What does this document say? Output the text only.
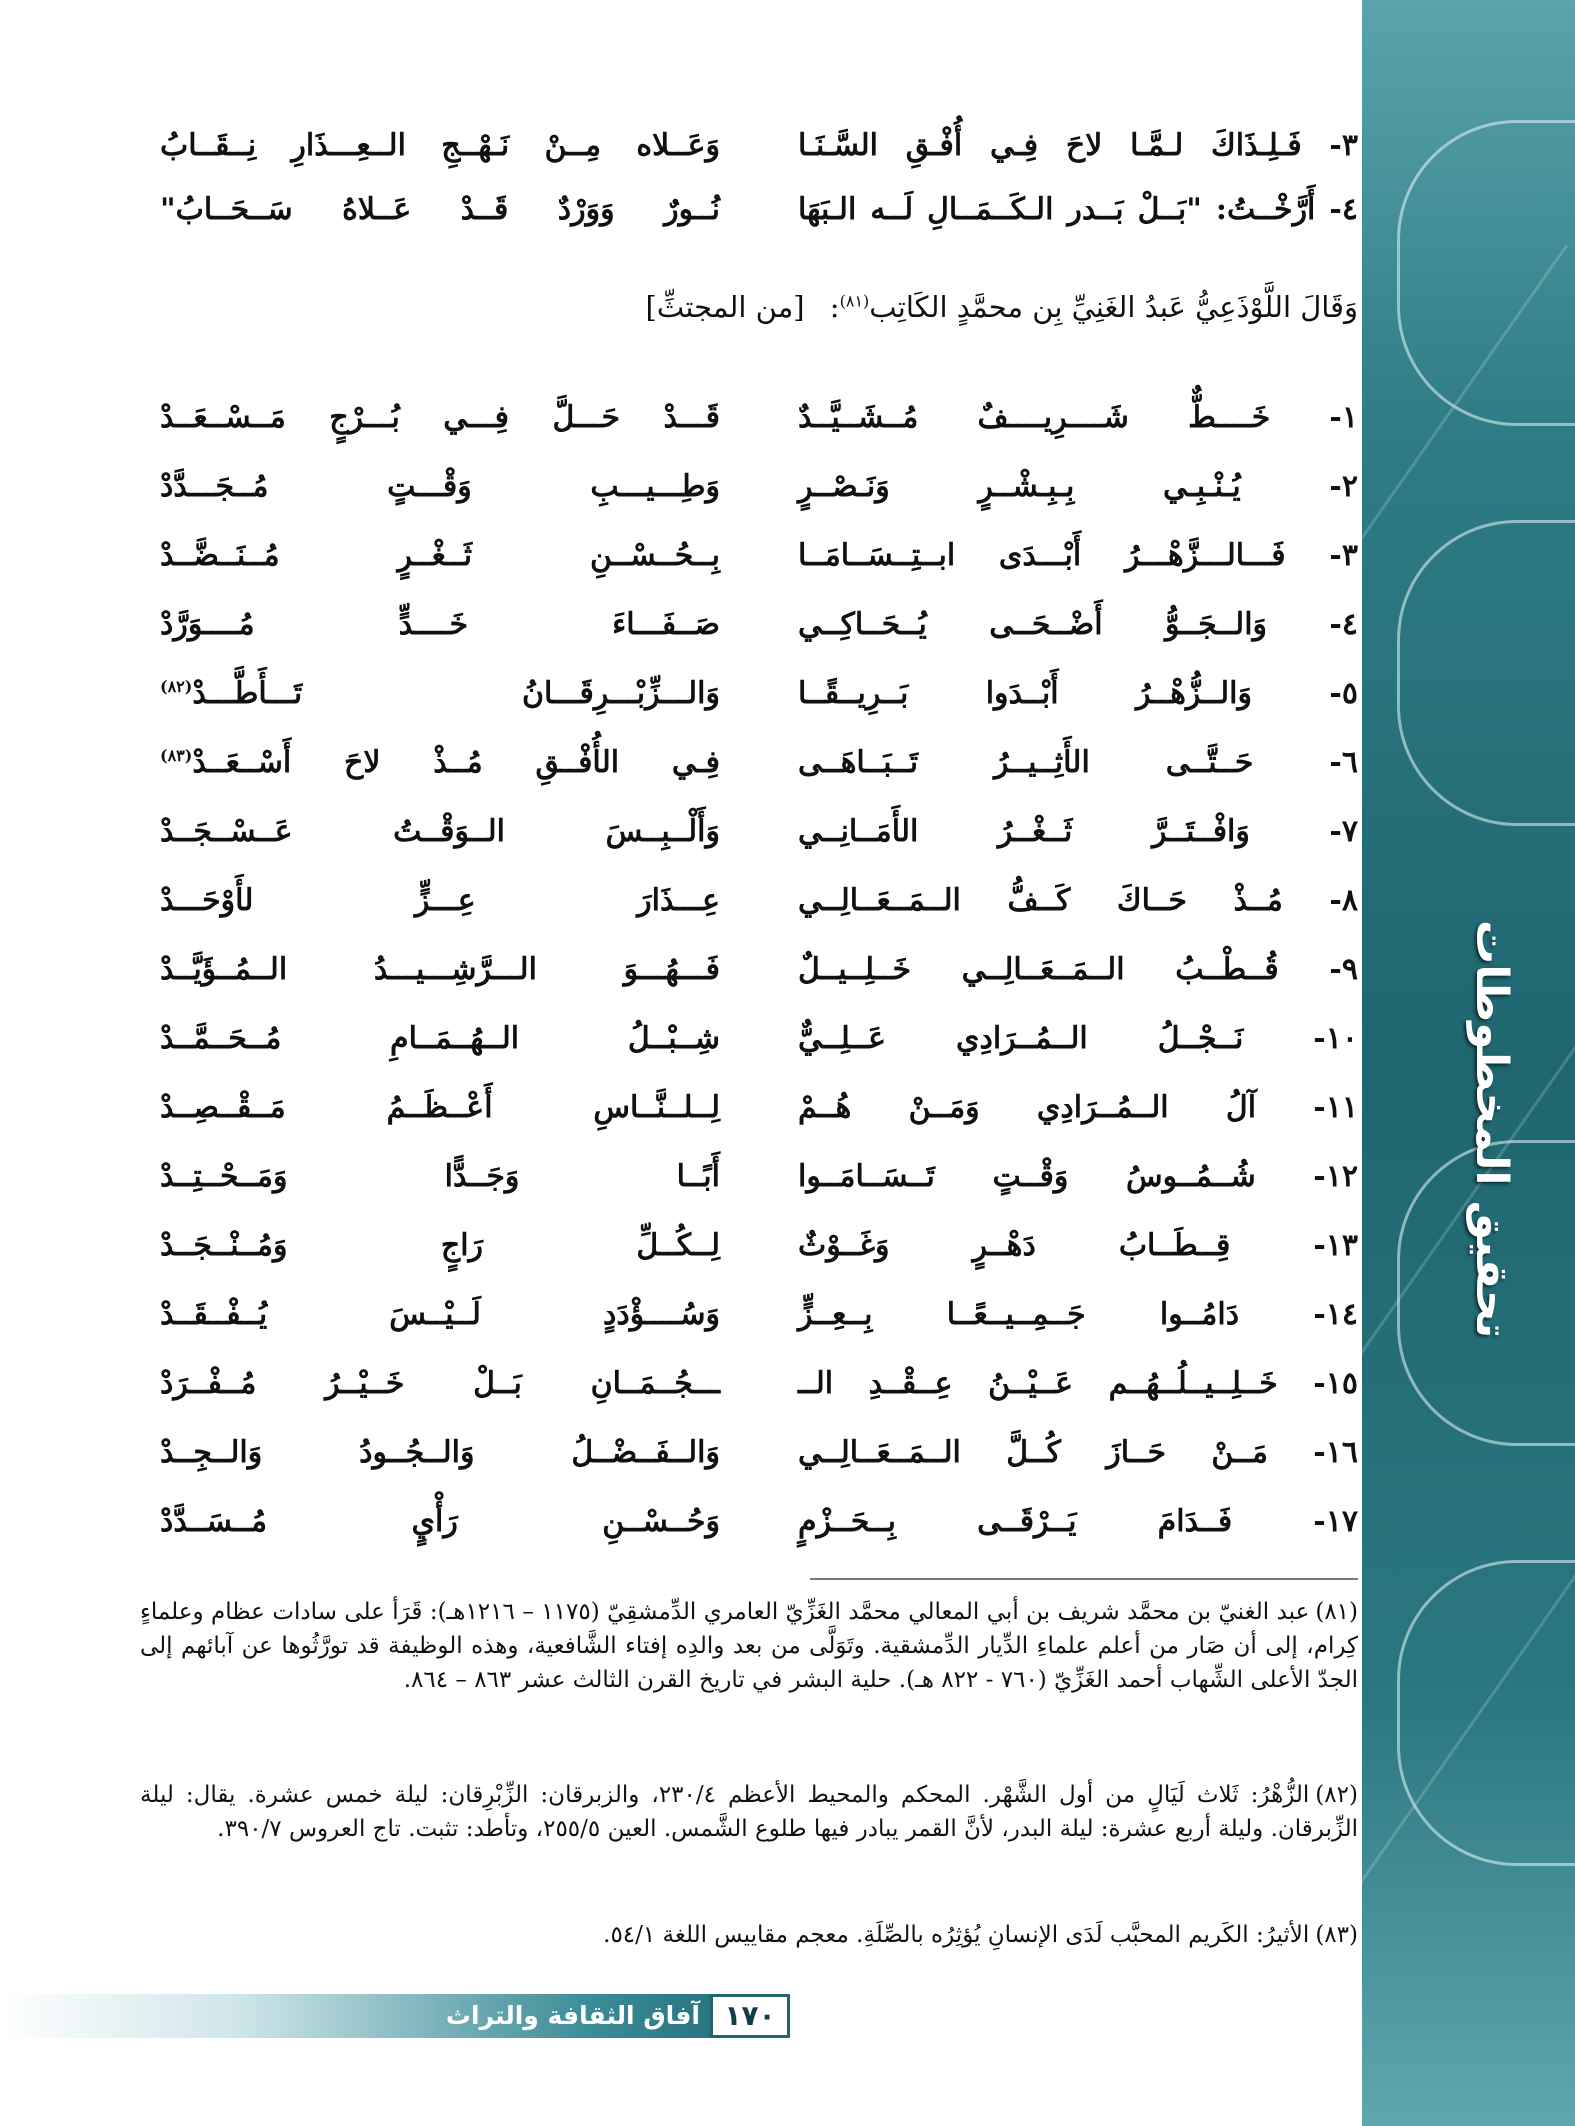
تحقيق المخطوطات
٣- فَـلِـذَاكَ لـمَّـا لاحَ فِـي أُفْـقِ السَّـنَـا
وَعَــلاه مِــنْ نَـهْــجِ الــعِـــذَارِ نِــقَــابُ
٤- أَرَّخْــتُ: "بَــلْ بَــدر الـكَــمَــالِ لَــه الـبَهَا
نُــورٌ وَوَرْدٌ قَــدْ عَــلاهُ سَــحَــابُ"
وَقَالَ اللَّوْذَعِيُّ عَبدُ الغَنِيِّ بِن محمَّدٍ الكَاتِب$^{(٨١)}$: [من المجتثِّ]
١- خَــــطٌّ شَــــرِيــــفٌ مُــشَــيَّــدٌ
قَـــدْ حَـــلَّ فِـــي بُـــرْجٍ مَــسْــعَــدْ
٢- يُـنْـبِـي بِـبِـشْــرٍ وَنَـصْــرٍ
وَطِـــيـــبِ وَقْـــتٍ مُــجَـــدَّدْ
٣- فَـــالـــزَّهْـــرُ أَبْـــدَى ابــتِــسَــامَــا
بِــحُــسْــنِ ثَــغْــرٍ مُــنَــضَّــدْ
٤- وَالــجَــوُّ أَضْــحَــى يُــحَــاكِــي
صَــفَـــاءَ خَــــدٍّ مُــــوَرَّدْ
٥- وَالــزُّهْــرُ أَبْــدَوا بَــرِيــقًــا
وَالـــزِّبْـــرِقَـــانُ تَـــأَطَّـــدْ$^{(٨٢)}$
٦- حَــتَّــى الأَثِــيــرُ تَــبَــاهَــى
فِـي الأُفْــقِ مُــذْ لاحَ أَسْــعَــدْ$^{(٨٣)}$
٧- وَافْــتَــرَّ ثَــغْــرُ الأَمَــانِــي
وَأَلْــبِــسَ الــوَقْــتُ عَــسْــجَــدْ
٨- مُــذْ حَــاكَ كَــفُّ الــمَــعَــالِــي
عِـــذَارَ عِـــزٍّ لأَوْحَـــدْ
٩- قُــطْــبُ الــمَــعَــالِــي خَــلِــيــلٌ
فَـــهُـــوَ الـــرَّشِـــيـــدُ الــمُــؤَيَّــدْ
١٠- نَــجْــلُ الــمُــرَادِي عَــلِــيٌّ
شِــبْــلُ الــهُــمَــامِ مُــحَــمَّــدْ
١١- آلُ الــمُــرَادِي وَمَــنْ هُــمْ
لِــلــنَّــاسِ أَعْــظَــمُ مَــقْــصِــدْ
١٢- شُــمُــوسُ وَقْــتٍ تَــسَــامَــوا
أَبًــا وَجَــدًّا وَمَــحْــتِــدْ
١٣- قِــطَــابُ دَهْــرٍ وَغَــوْثٌ
لِــكُــلِّ رَاجٍ وَمُــنْــجَــدْ
١٤- دَامُــوا جَــمِــيــعًــا بِــعِــزٍّ
وَسُــــؤْدَدٍ لَــيْــسَ يُــفْــقَــدْ
١٥- خَــلِــيــلُــهُــم عَــيْــنُ عِــقْــدِ الــ
ـــجُــمَــانِ بَــلْ خَــيْــرُ مُــفْــرَدْ
١٦- مَــنْ حَــازَ كُــلَّ الــمَــعَــالِــي
وَالــفَــضْــلُ وَالــجُــودُ وَالــجِــدْ
١٧- فَــدَامَ يَــرْقَــى بِــحَــزْمٍ
وَحُــسْــنِ رَأْيٍ مُــسَــدَّدْ
(٨١)عبد الغنيّ بن محمَّد شريف بن أبي المعالي محمَّد الغَزِّيّ العامري الدِّمشقِيّ (١١٧٥ – ١٢١٦هـ): قَرَأ على سادات عظام وعلماءٍ كِرام، إلى أن صَار من أعلم علماءِ الدِّيار الدِّمشقية. وتَوَلَّى من بعد والدِه إفتاء الشَّافعية، وهذه الوظيفة قد تورَّثُوها عن آبائهم إلى الجدّ الأعلى الشِّهاب أحمد الغَزِّيّ (٧٦٠ - ٨٢٢ هـ). حلية البشر في تاريخ القرن الثالث عشر ٨٦٣ – ٨٦٤.
(٨٢)الزُّهْرُ: ثَلاث لَيَالٍ من أول الشَّهْر. المحكم والمحيط الأعظم ٢٣٠/٤، والزبرقان: الزِّبْرِقان: ليلة خمس عشرة. يقال: ليلة الزِّبرقان. وليلة أربع عشرة: ليلة البدر، لأنَّ القمر يبادر فيها طلوع الشَّمس. العين ٢٥٥/٥، وتأطد: تثبت. تاج العروس ٣٩٠/٧.
(٨٣)الأثيرُ: الكَريم المحبَّب لَدَى الإنسانِ يُؤثِرُه بالصِّلَةِ. معجم مقاييس اللغة ٥٤/١.
آفاق الثقافة والتراث ١٧٠
